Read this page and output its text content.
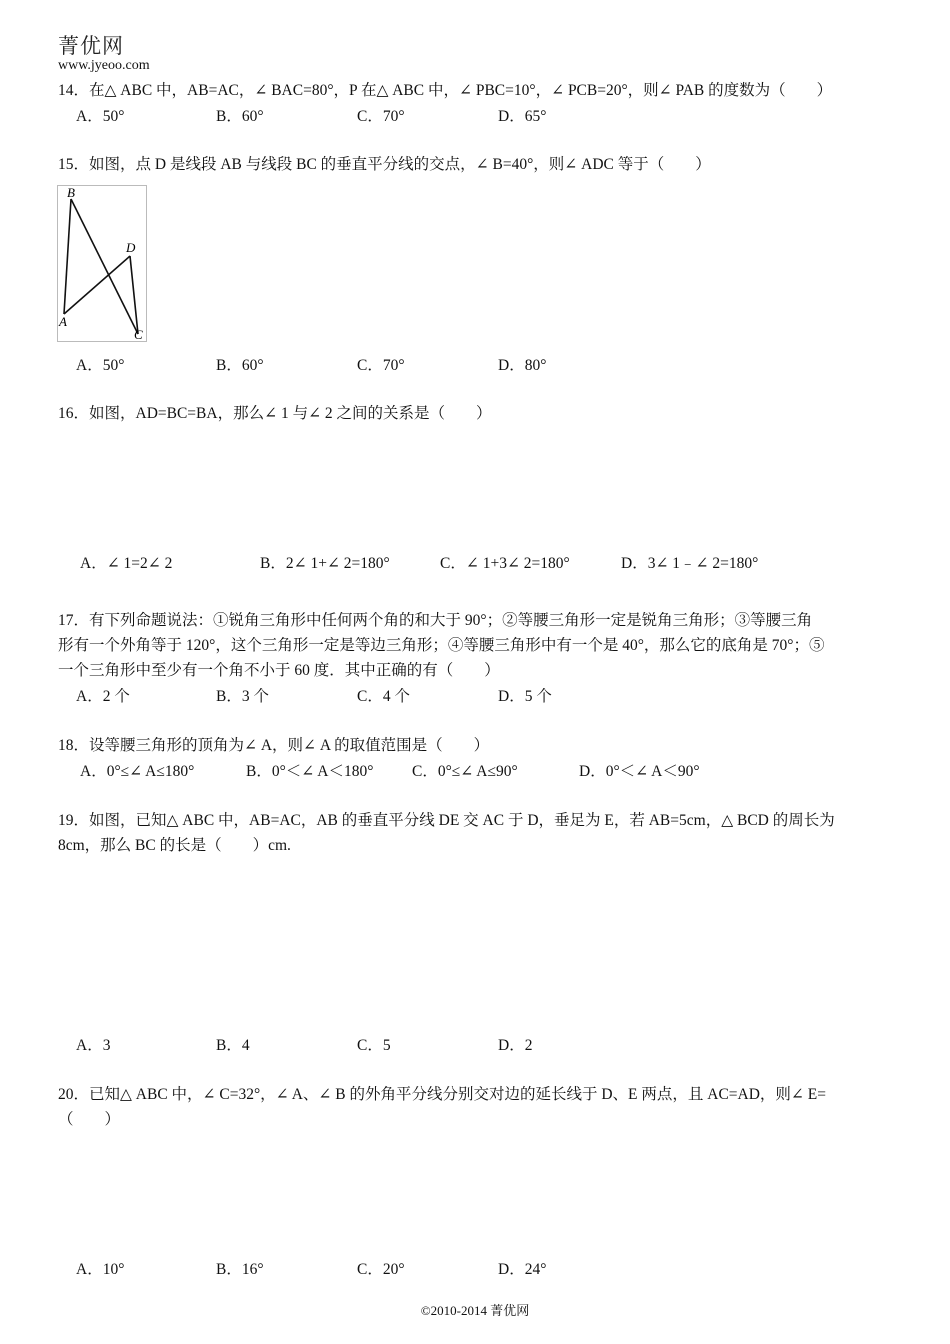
菁优网
www.jyeoo.com
14．在△ ABC 中，AB=AC，∠ BAC=80°，P 在△ ABC 中，∠ PBC=10°，∠ PCB=20°，则∠ PAB 的度数为（　　）
A．50°	B．60°	C．70°	D．65°
15．如图，点 D 是线段 AB 与线段 BC 的垂直平分线的交点，∠ B=40°，则∠ ADC 等于（　　）
B
D
A
C
A．50°	B．60°	C．70°	D．80°
16．如图，AD=BC=BA，那么∠ 1 与∠ 2 之间的关系是（　　）
A．∠ 1=2∠ 2	B．2∠ 1+∠ 2=180°	C．∠ 1+3∠ 2=180°	D．3∠ 1﹣∠ 2=180°
17．有下列命题说法：①锐角三角形中任何两个角的和大于 90°；②等腰三角形一定是锐角三角形；③等腰三角
形有一个外角等于 120°，这个三角形一定是等边三角形；④等腰三角形中有一个是 40°，那么它的底角是 70°；⑤
一个三角形中至少有一个角不小于 60 度．其中正确的有（　　）
A．2 个	B．3 个	C．4 个	D．5 个
18．设等腰三角形的顶角为∠ A，则∠ A 的取值范围是（　　）
A．0°≤∠ A≤180°	B．0°＜∠ A＜180° C．0°≤∠ A≤90°	D．0°＜∠ A＜90°
19．如图，已知△ ABC 中，AB=AC，AB 的垂直平分线 DE 交 AC 于 D，垂足为 E，若 AB=5cm，△ BCD 的周长为
8cm，那么 BC 的长是（　　）cm.
A．3	B．4	C．5	D．2
20．已知△ ABC 中，∠ C=32°，∠ A、∠ B 的外角平分线分别交对边的延长线于 D、E 两点，且 AC=AD，则∠ E=
（　　）
A．10°	B．16°	C．20°	D．24°
©2010-2014 菁优网
